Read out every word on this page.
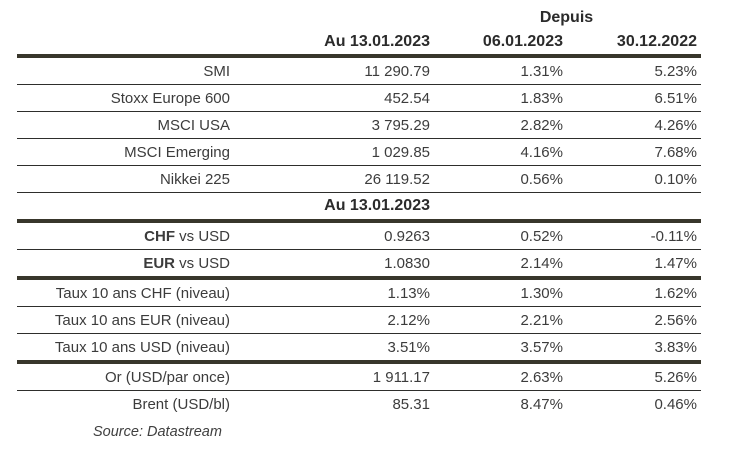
		Depuis	
	Au 13.01.2023	06.01.2023	30.12.2022
SMI	11 290.79	1.31%	5.23%
Stoxx Europe 600	452.54	1.83%	6.51%
MSCI USA	3 795.29	2.82%	4.26%
MSCI Emerging	1 029.85	4.16%	7.68%
Nikkei 225	26 119.52	0.56%	0.10%
	Au 13.01.2023		
CHF vs USD	0.9263	0.52%	-0.11%
EUR vs USD	1.0830	2.14%	1.47%
Taux 10 ans CHF (niveau)	1.13%	1.30%	1.62%
Taux 10 ans EUR (niveau)	2.12%	2.21%	2.56%
Taux 10 ans USD (niveau)	3.51%	3.57%	3.83%
Or (USD/par once)	1 911.17	2.63%	5.26%
Brent (USD/bl)	85.31	8.47%	0.46%
Source: Datastream
